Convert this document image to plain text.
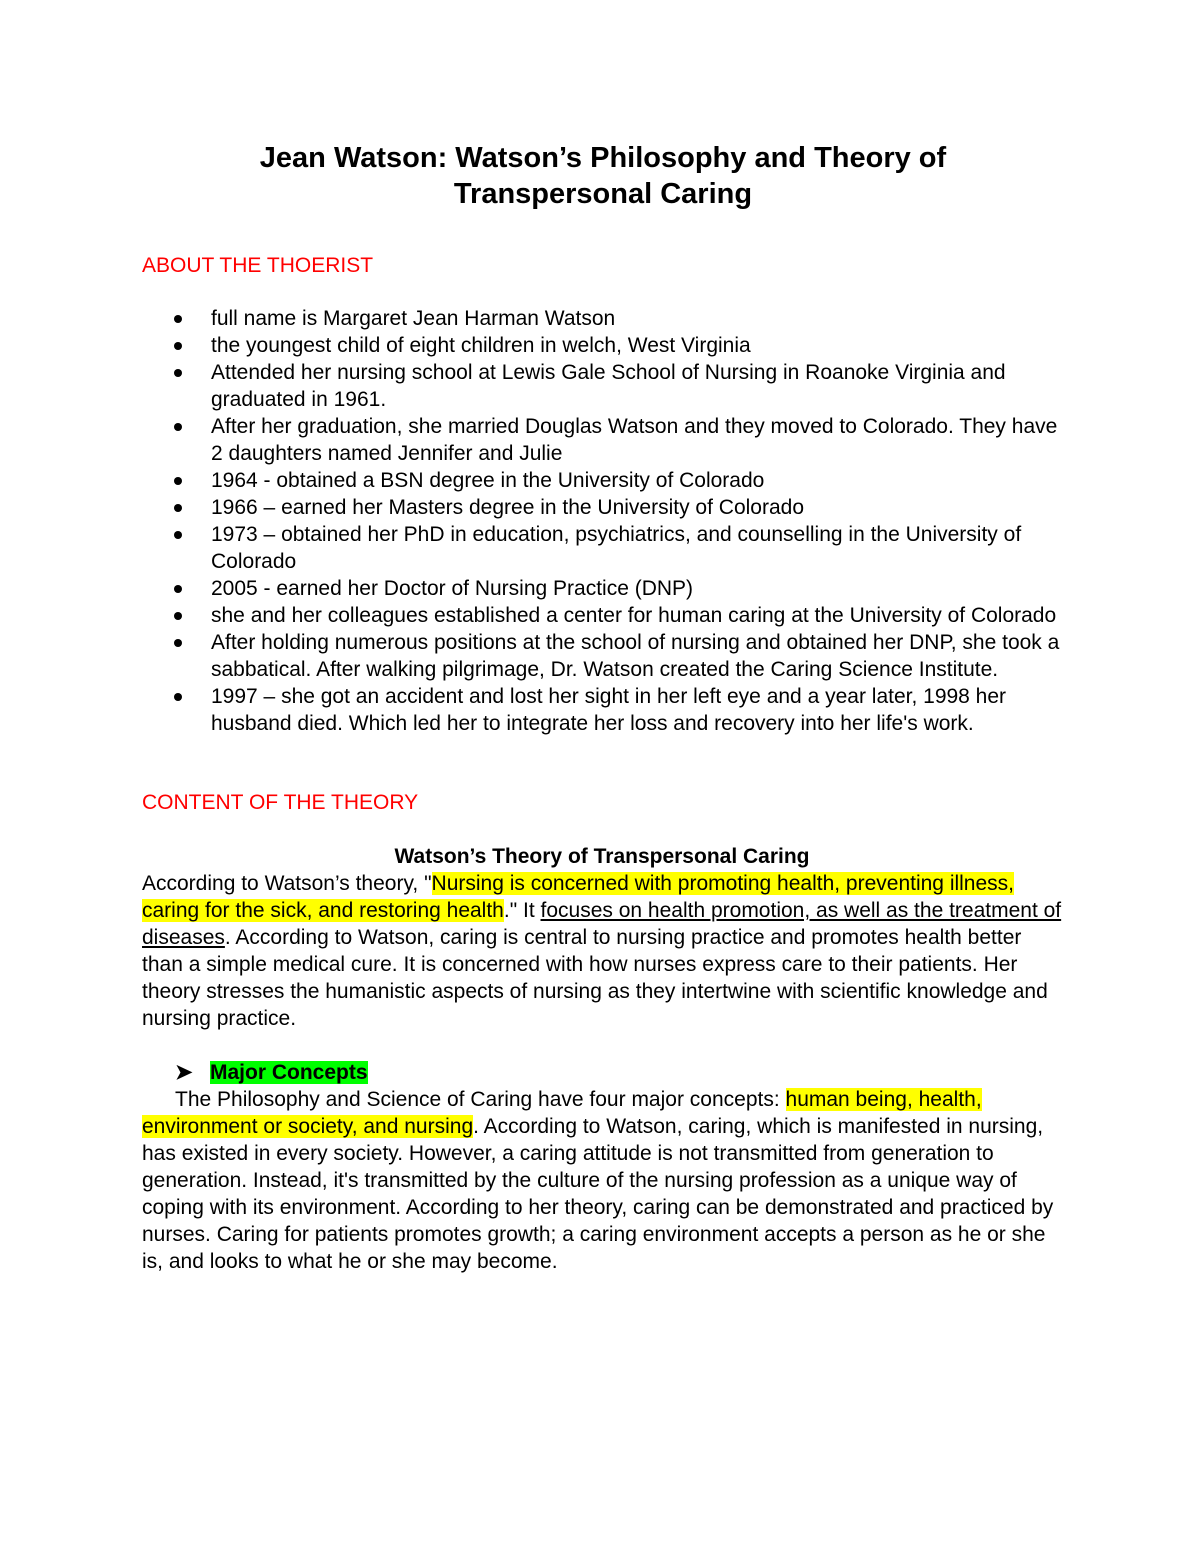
Jean Watson: Watson’s Philosophy and Theory of
Transpersonal Caring
ABOUT THE THOERIST
full name is Margaret Jean Harman Watson
the youngest child of eight children in welch, West Virginia
Attended her nursing school at Lewis Gale School of Nursing in Roanoke Virginia and graduated in 1961.
After her graduation, she married Douglas Watson and they moved to Colorado. They have 2 daughters named Jennifer and Julie
1964 - obtained a BSN degree in the University of Colorado
1966 – earned her Masters degree in the University of Colorado
1973 – obtained her PhD in education, psychiatrics, and counselling in the University of Colorado
2005 - earned her Doctor of Nursing Practice (DNP)
she and her colleagues established a center for human caring at the University of Colorado
After holding numerous positions at the school of nursing and obtained her DNP, she took a sabbatical. After walking pilgrimage, Dr. Watson created the Caring Science Institute.
1997 – she got an accident and lost her sight in her left eye and a year later, 1998 her husband died. Which led her to integrate her loss and recovery into her life's work.
CONTENT OF THE THEORY
Watson’s Theory of Transpersonal Caring

According to Watson’s theory, "Nursing is concerned with promoting health, preventing illness, caring for the sick, and restoring health." It focuses on health promotion, as well as the treatment of diseases. According to Watson, caring is central to nursing practice and promotes health better than a simple medical cure. It is concerned with how nurses express care to their patients. Her theory stresses the humanistic aspects of nursing as they intertwine with scientific knowledge and nursing practice.

➤ Major Concepts

The Philosophy and Science of Caring have four major concepts: human being, health, environment or society, and nursing. According to Watson, caring, which is manifested in nursing, has existed in every society. However, a caring attitude is not transmitted from generation to generation. Instead, it's transmitted by the culture of the nursing profession as a unique way of coping with its environment. According to her theory, caring can be demonstrated and practiced by nurses. Caring for patients promotes growth; a caring environment accepts a person as he or she is, and looks to what he or she may become.
